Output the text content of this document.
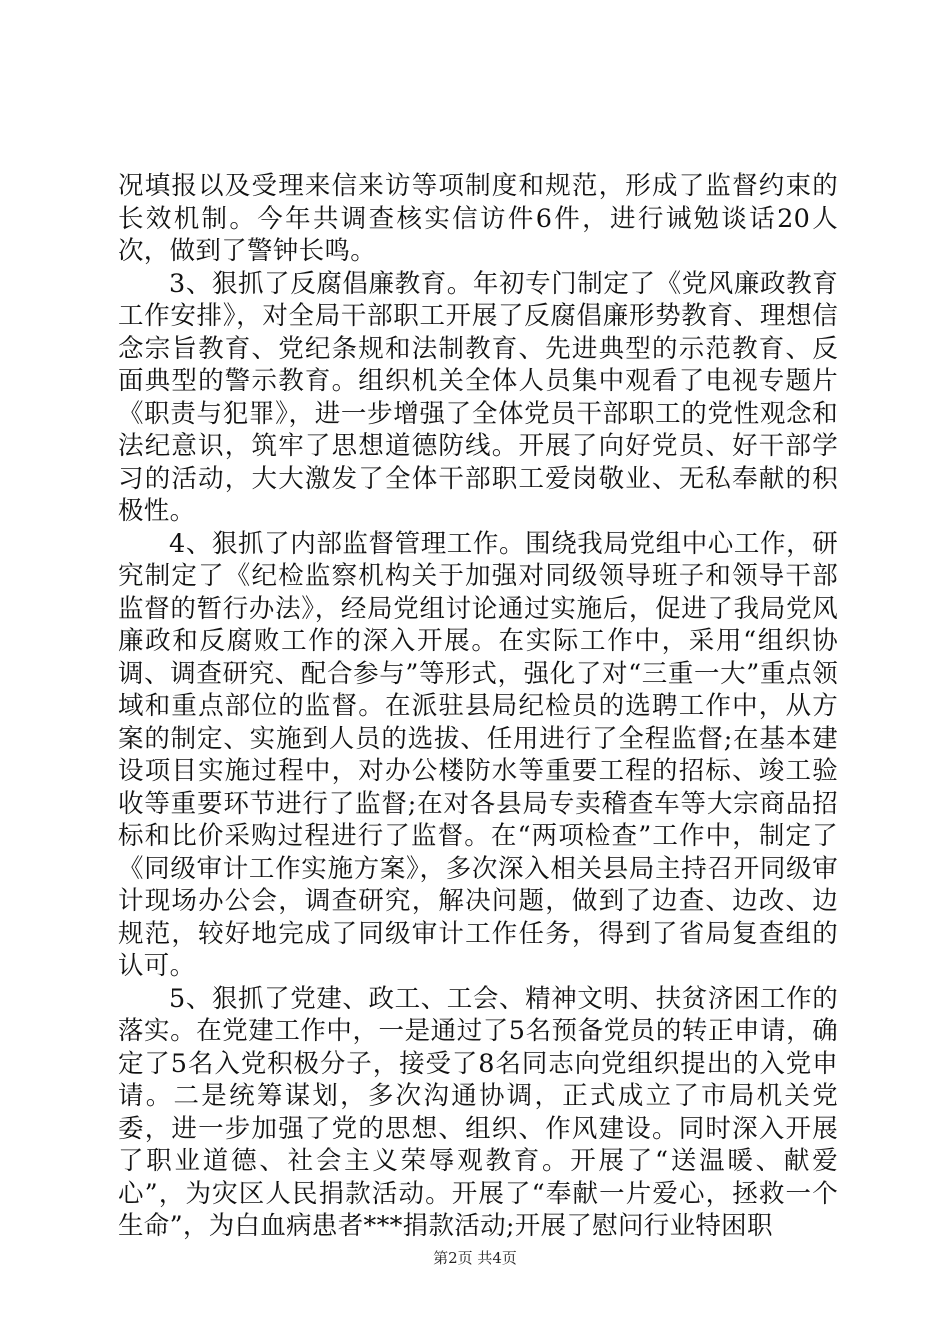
况填报以及受理来信来访等项制度和规范，形成了监督约束的长效机制。今年共调查核实信访件6件，进行诫勉谈话20人次，做到了警钟长鸣。

3、狠抓了反腐倡廉教育。年初专门制定了《党风廉政教育工作安排》，对全局干部职工开展了反腐倡廉形势教育、理想信念宗旨教育、党纪条规和法制教育、先进典型的示范教育、反面典型的警示教育。组织机关全体人员集中观看了电视专题片《职责与犯罪》，进一步增强了全体党员干部职工的党性观念和法纪意识，筑牢了思想道德防线。开展了向好党员、好干部学习的活动，大大激发了全体干部职工爱岗敬业、无私奉献的积极性。

4、狠抓了内部监督管理工作。围绕我局党组中心工作，研究制定了《纪检监察机构关于加强对同级领导班子和领导干部监督的暂行办法》，经局党组讨论通过实施后，促进了我局党风廉政和反腐败工作的深入开展。在实际工作中，采用“组织协调、调查研究、配合参与”等形式，强化了对“三重一大”重点领域和重点部位的监督。在派驻县局纪检员的选聘工作中，从方案的制定、实施到人员的选拔、任用进行了全程监督;在基本建设项目实施过程中，对办公楼防水等重要工程的招标、竣工验收等重要环节进行了监督;在对各县局专卖稽查车等大宗商品招标和比价采购过程进行了监督。在“两项检查”工作中，制定了《同级审计工作实施方案》，多次深入相关县局主持召开同级审计现场办公会，调查研究，解决问题，做到了边查、边改、边规范，较好地完成了同级审计工作任务，得到了省局复查组的认可。

5、狠抓了党建、政工、工会、精神文明、扶贫济困工作的落实。在党建工作中，一是通过了5名预备党员的转正申请，确定了5名入党积极分子，接受了8名同志向党组织提出的入党申请。二是统筹谋划，多次沟通协调，正式成立了市局机关党委，进一步加强了党的思想、组织、作风建设。同时深入开展了职业道德、社会主义荣辱观教育。开展了“送温暖、献爱心”，为灾区人民捐款活动。开展了“奉献一片爱心，拯救一个生命”，为白血病患者***捐款活动;开展了慰问行业特困职

第2页 共4页
